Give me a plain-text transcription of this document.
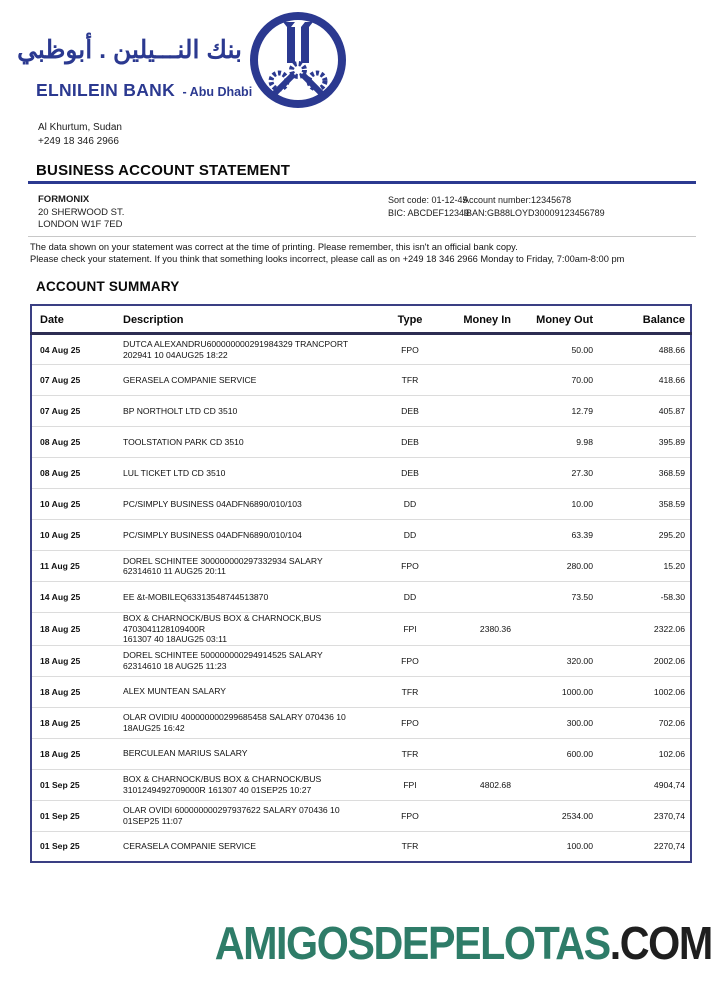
بنك النـــيلين . أبوظبي
ELNILEIN BANK - Abu Dhabi
Al Khurtum, Sudan
+249 18 346 2966
BUSINESS ACCOUNT STATEMENT
FORMONIX
20 SHERWOOD ST.
LONDON W1F 7ED
Sort code: 01-12-45 Account number:12345678
BIC: ABCDEF12349 IBAN:GB88LOYD30009123456789
The data shown on your statement was correct at the time of printing. Please remember, this isn't an official bank copy.
Please check your statement. If you think that something looks incorrect, please call as on +249 18 346 2966 Monday to Friday, 7:00am-8:00 pm
ACCOUNT SUMMARY
Date	Description	Type	Money In	Money Out	Balance
04 Aug 25	DUTCA ALEXANDRU600000000291984329 TRANCPORT
202941 10 04AUG25 18:22	FPO		50.00	488.66
07 Aug 25	GERASELA COMPANIE SERVICE	TFR		70.00	418.66
07 Aug 25	BP NORTHOLT LTD CD 3510	DEB		12.79	405.87
08 Aug 25	TOOLSTATION PARK CD 3510	DEB		9.98	395.89
08 Aug 25	LUL TICKET LTD CD 3510	DEB		27.30	368.59
10 Aug 25	PC/SIMPLY BUSINESS 04ADFN6890/010/103	DD		10.00	358.59
10 Aug 25	PC/SIMPLY BUSINESS 04ADFN6890/010/104	DD		63.39	295.20
11 Aug 25	DOREL SCHINTEE 300000000297332934 SALARY
62314610 11 AUG25 20:11	FPO		280.00	15.20
14 Aug 25	EE &t-MOBILEQ63313548744513870	DD		73.50	-58.30
18 Aug 25	BOX & CHARNOCK/BUS BOX & CHARNOCK,BUS 4703041128109400R
161307 40 18AUG25 03:11	FPI	2380.36		2322.06
18 Aug 25	DOREL SCHINTEE 500000000294914525 SALARY
62314610 18 AUG25 11:23	FPO		320.00	2002.06
18 Aug 25	ALEX MUNTEAN SALARY	TFR		1000.00	1002.06
18 Aug 25	OLAR OVIDIU 400000000299685458 SALARY 070436 10
18AUG25 16:42	FPO		300.00	702.06
18 Aug 25	BERCULEAN MARIUS SALARY	TFR		600.00	102.06
01 Sep 25	BOX & CHARNOCK/BUS BOX & CHARNOCK/BUS
3101249492709000R 161307 40 01SEP25 10:27	FPI	4802.68		4904,74
01 Sep 25	OLAR OVIDI 600000000297937622 SALARY 070436 10
01SEP25 11:07	FPO		2534.00	2370,74
01 Sep 25	CERASELA COMPANIE SERVICE	TFR		100.00	2270,74
AMIGOSDEPELOTAS.COM
